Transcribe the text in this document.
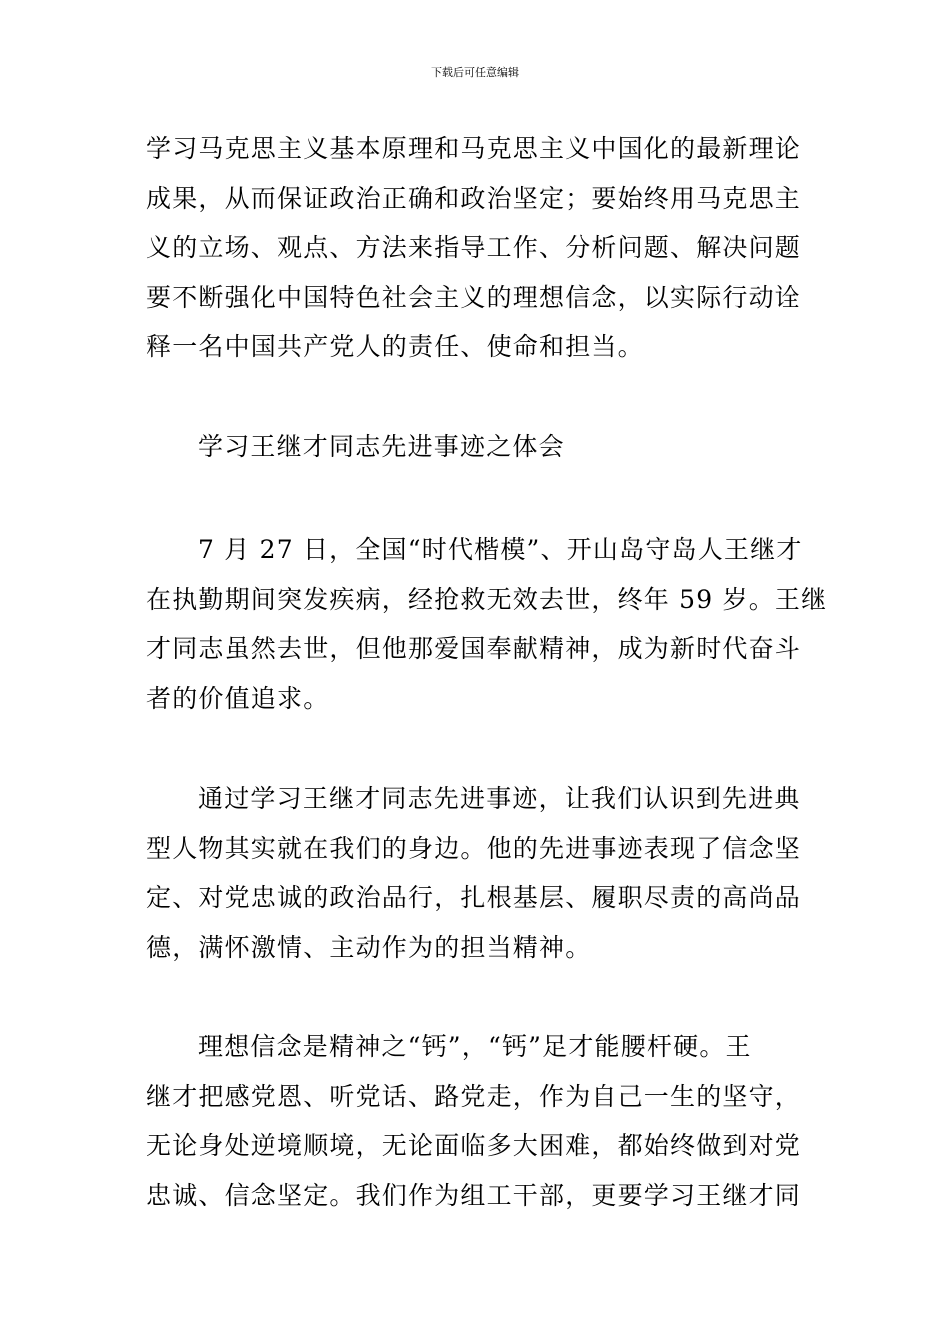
下载后可任意编辑
学习马克思主义基本原理和马克思主义中国化的最新理论
成果，从而保证政治正确和政治坚定；要始终用马克思主
义的立场、观点、方法来指导工作、分析问题、解决问题
要不断强化中国特色社会主义的理想信念，以实际行动诠
释一名中国共产党人的责任、使命和担当。
学习王继才同志先进事迹之体会
7 月 27 日，全国“时代楷模”、开山岛守岛人王继才
在执勤期间突发疾病，经抢救无效去世，终年 59 岁。王继
才同志虽然去世，但他那爱国奉献精神，成为新时代奋斗
者的价值追求。
通过学习王继才同志先进事迹，让我们认识到先进典
型人物其实就在我们的身边。他的先进事迹表现了信念坚
定、对党忠诚的政治品行，扎根基层、履职尽责的高尚品
德，满怀激情、主动作为的担当精神。
理想信念是精神之“钙”，“钙”足才能腰杆硬。王
继才把感党恩、听党话、路党走，作为自己一生的坚守，
无论身处逆境顺境，无论面临多大困难，都始终做到对党
忠诚、信念坚定。我们作为组工干部，更要学习王继才同
